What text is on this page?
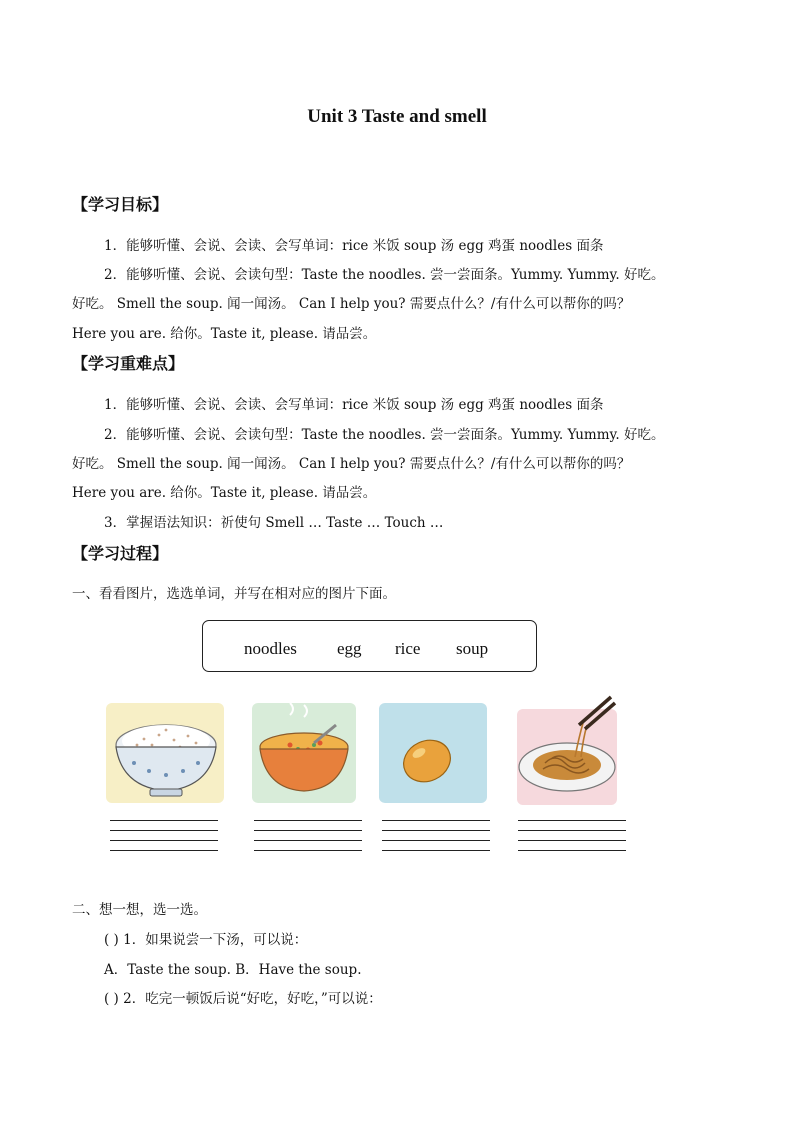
Unit 3 Taste and smell
【学习目标】
1．能够听懂、会说、会读、会写单词：rice 米饭 soup 汤 egg 鸡蛋 noodles 面条
2．能够听懂、会说、会读句型：Taste the noodles. 尝一尝面条。Yummy. Yummy. 好吃。
好吃。 Smell the soup. 闻一闻汤。 Can I help you? 需要点什么？/有什么可以帮你的吗？
Here you are. 给你。Taste it, please. 请品尝。
【学习重难点】
1．能够听懂、会说、会读、会写单词：rice 米饭 soup 汤 egg 鸡蛋 noodles 面条
2．能够听懂、会说、会读句型：Taste the noodles. 尝一尝面条。Yummy. Yummy. 好吃。
好吃。 Smell the soup. 闻一闻汤。 Can I help you? 需要点什么？/有什么可以帮你的吗？
Here you are. 给你。Taste it, please. 请品尝。
3．掌握语法知识：祈使句 Smell … Taste … Touch …
【学习过程】
一、看看图片，选选单词，并写在相对应的图片下面。
noodles egg rice soup
二、想一想，选一选。
( ) 1．如果说尝一下汤，可以说：
A．Taste the soup. B．Have the soup.
( ) 2．吃完一顿饭后说“好吃，好吃，”可以说：
